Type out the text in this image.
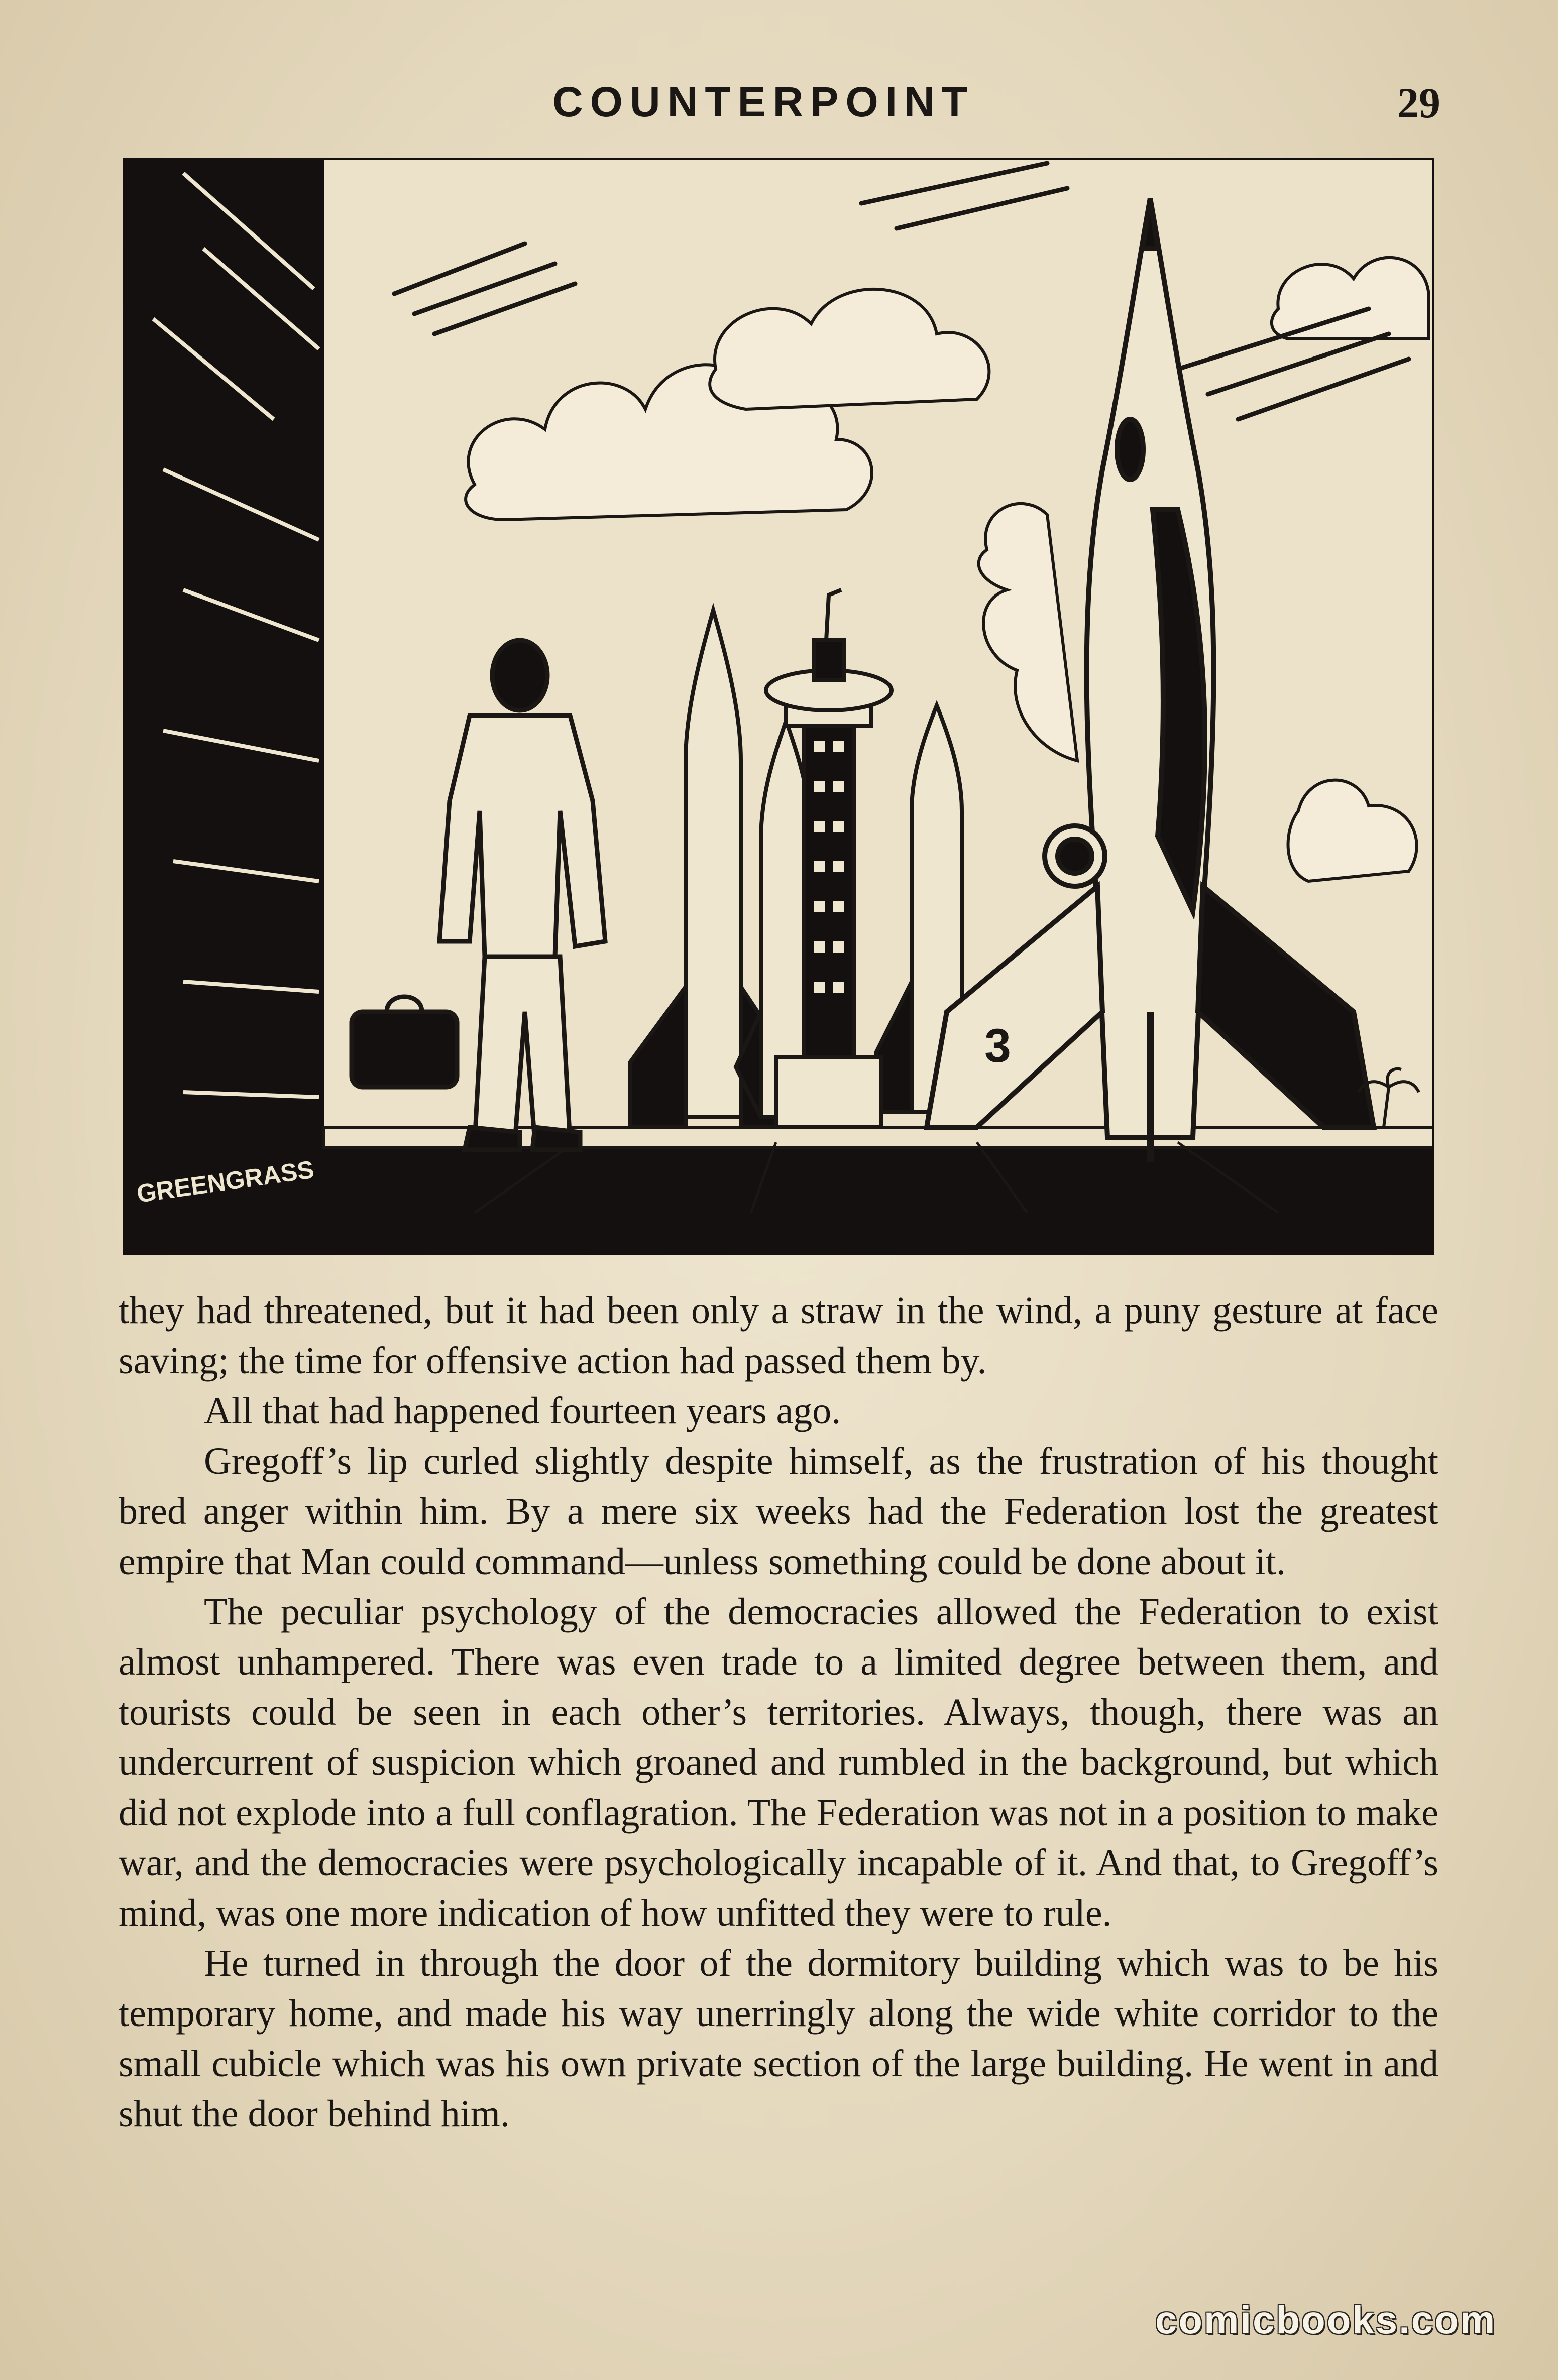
COUNTERPOINT	29
3
GREENGRASS

they had threatened, but it had been only a straw in the wind, a puny gesture at face saving; the time for offensive action had passed them by.

All that had happened fourteen years ago.

Gregoff’s lip curled slightly despite himself, as the frustration of his thought bred anger within him. By a mere six weeks had the Federation lost the greatest empire that Man could command—unless something could be done about it.

The peculiar psychology of the democracies allowed the Federation to exist almost unhampered. There was even trade to a limited degree between them, and tourists could be seen in each other’s territories. Always, though, there was an undercurrent of suspicion which groaned and rumbled in the background, but which did not explode into a full conflagration. The Federation was not in a position to make war, and the democracies were psychologically incapable of it. And that, to Gregoff’s mind, was one more indication of how unfitted they were to rule.

He turned in through the door of the dormitory building which was to be his temporary home, and made his way unerringly along the wide white corridor to the small cubicle which was his own private section of the large building. He went in and shut the door behind him.

comicbooks.com
